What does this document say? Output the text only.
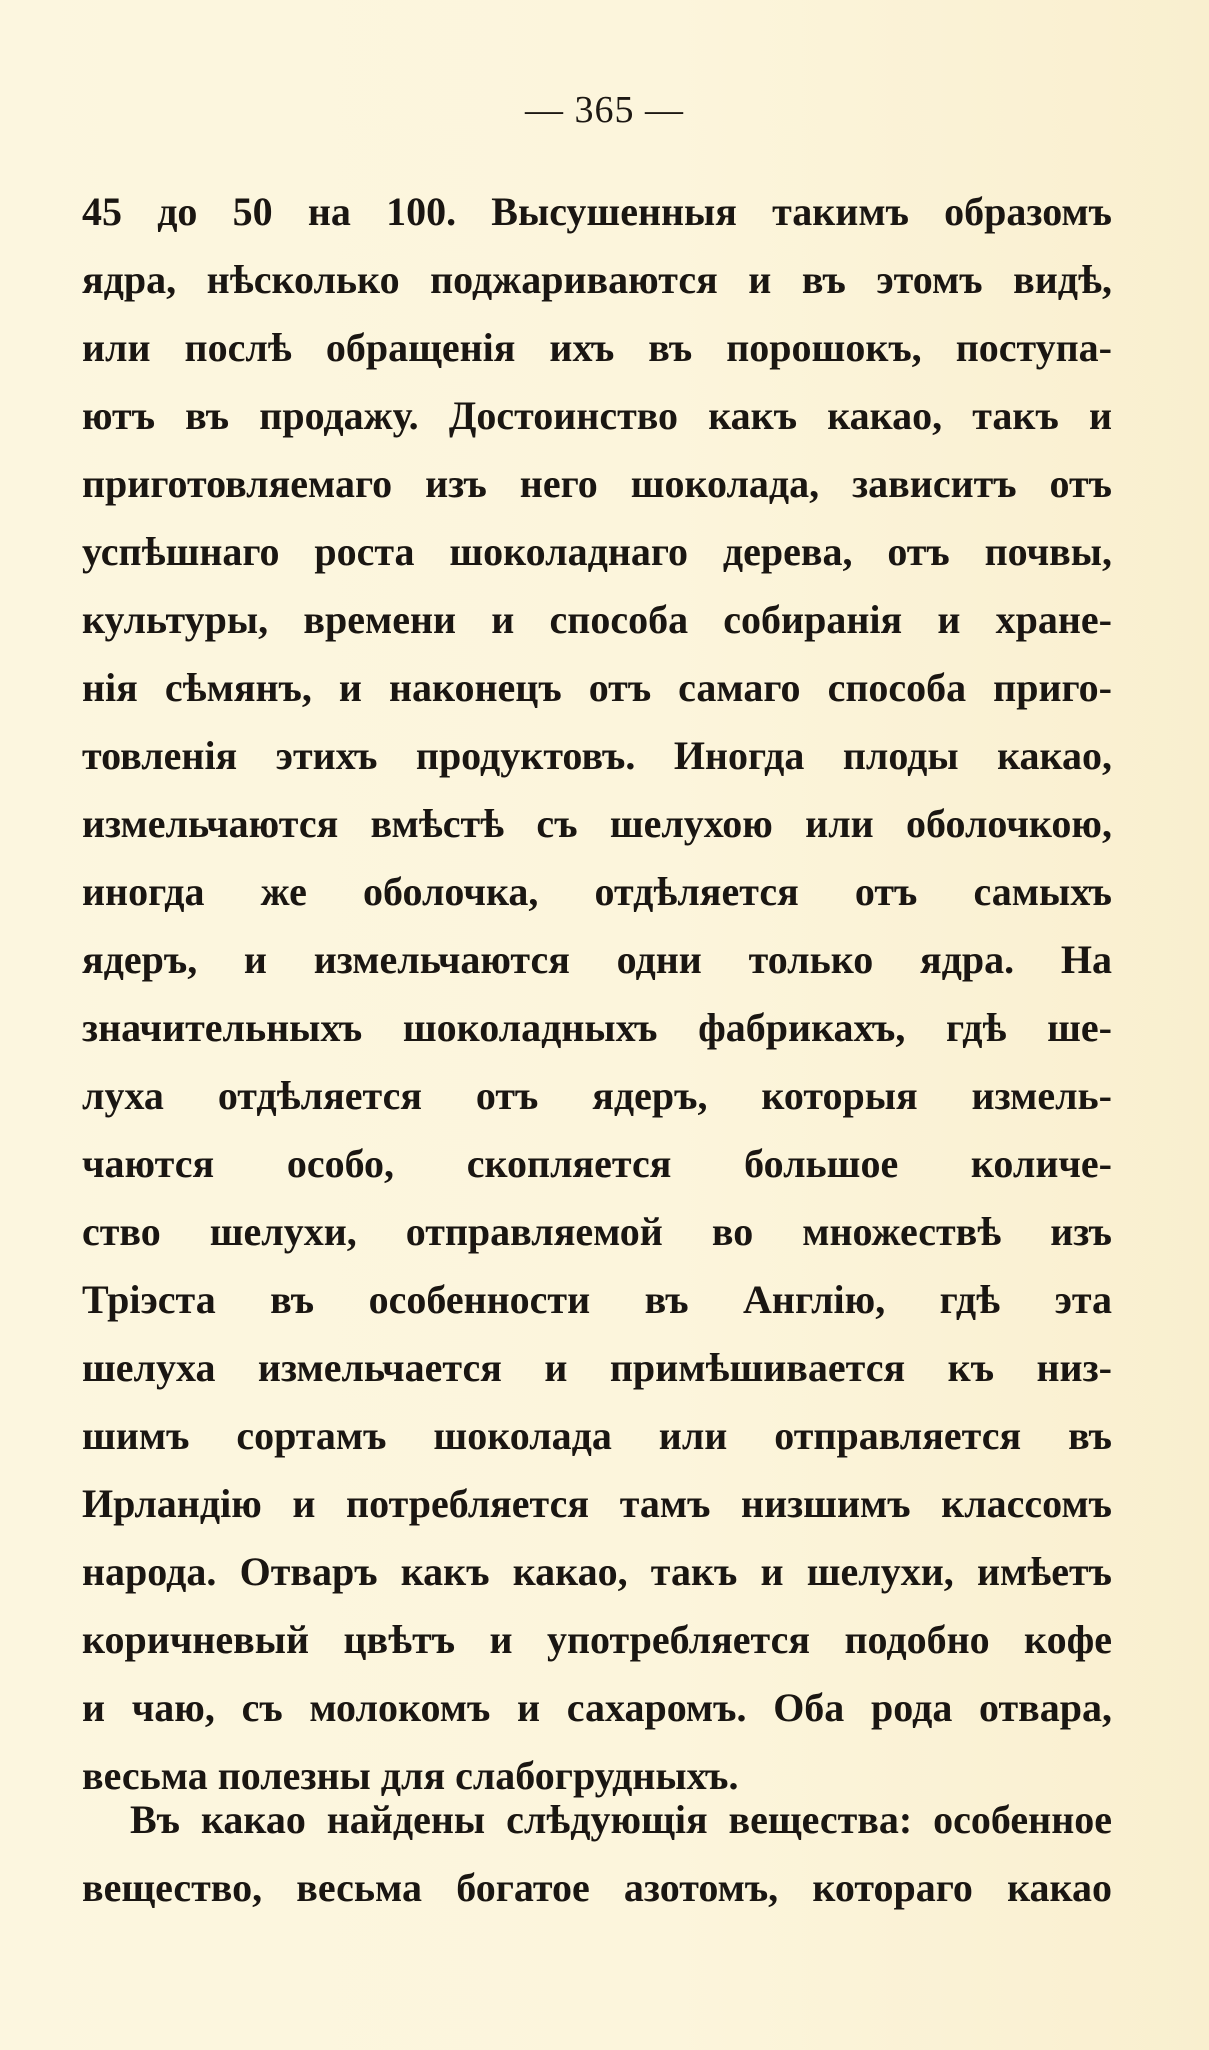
— 365 —
45 до 50 на 100. Высушенныя такимъ образомъ
ядра, нѣсколько поджариваются и въ этомъ видѣ,
или послѣ обращенія ихъ въ порошокъ, поступа-
ютъ въ продажу. Достоинство какъ какао, такъ и
приготовляемаго изъ него шоколада, зависитъ отъ
успѣшнаго роста шоколаднаго дерева, отъ почвы,
культуры, времени и способа собиранія и хране-
нія сѣмянъ, и наконецъ отъ самаго способа приго-
товленія этихъ продуктовъ. Иногда плоды какао,
измельчаются вмѣстѣ съ шелухою или оболочкою,
иногда же оболочка, отдѣляется отъ самыхъ
ядеръ, и измельчаются одни только ядра. На
значительныхъ шоколадныхъ фабрикахъ, гдѣ ше-
луха отдѣляется отъ ядеръ, которыя измель-
чаются особо, скопляется большое количе-
ство шелухи, отправляемой во множествѣ изъ
Тріэста въ особенности въ Англію, гдѣ эта
шелуха измельчается и примѣшивается къ низ-
шимъ сортамъ шоколада или отправляется въ
Ирландію и потребляется тамъ низшимъ классомъ
народа. Отваръ какъ какао, такъ и шелухи, имѣетъ
коричневый цвѣтъ и употребляется подобно кофе
и чаю, съ молокомъ и сахаромъ. Оба рода отвара,
весьма полезны для слабогрудныхъ.
Въ какао найдены слѣдующія вещества: особенное
вещество, весьма богатое азотомъ, котораго какао
